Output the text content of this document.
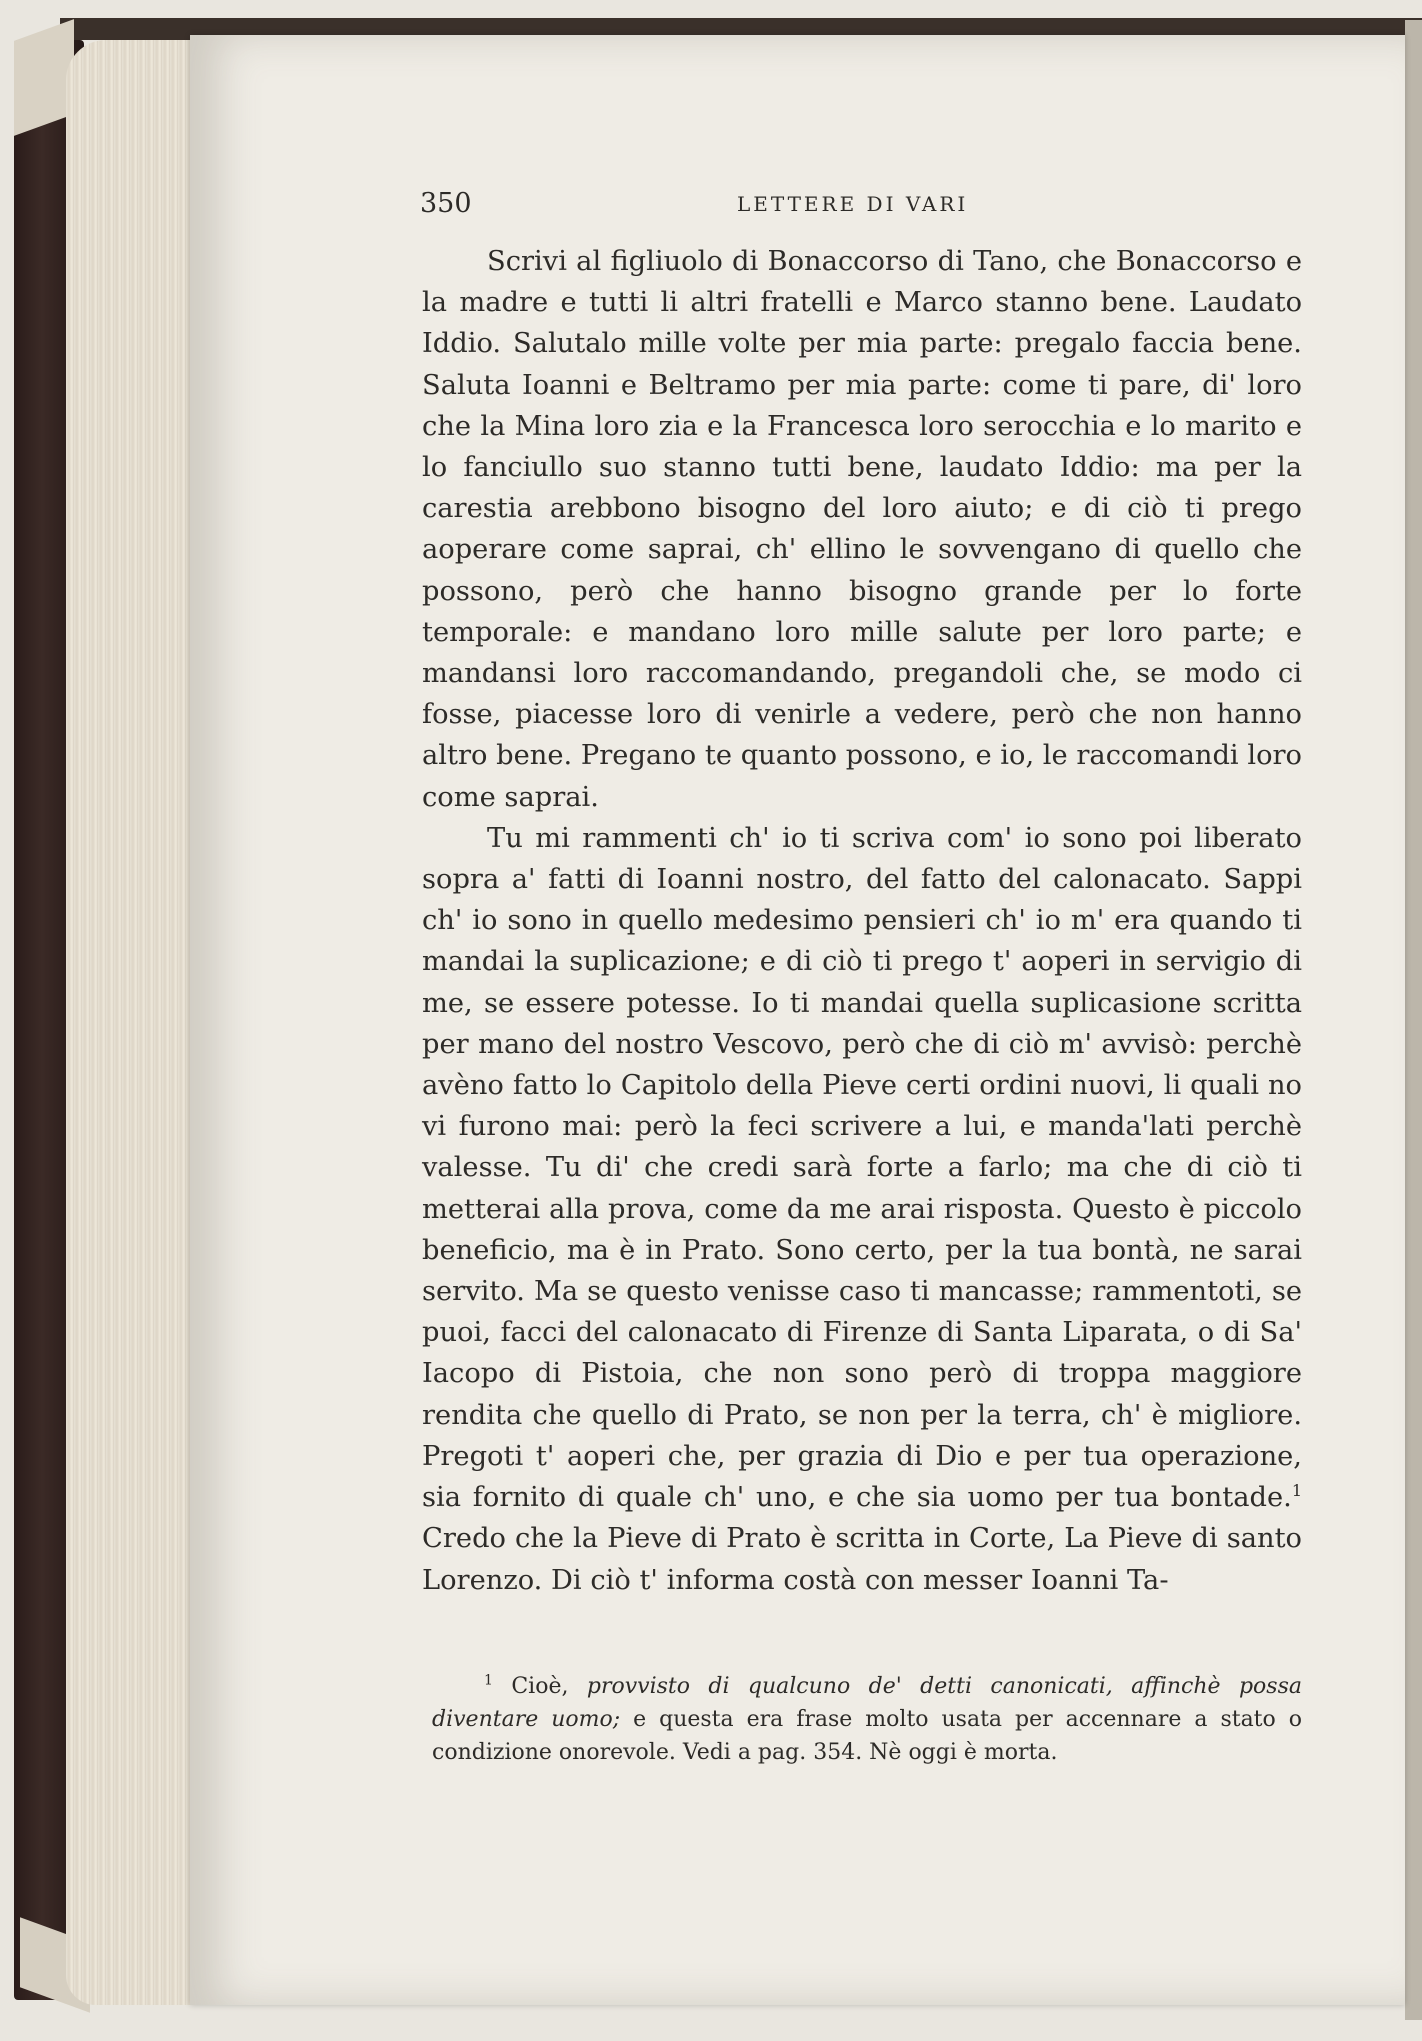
350	LETTERE DI VARI

Scrivi al figliuolo di Bonaccorso di Tano, che Bonaccorso e la madre e tutti li altri fratelli e Marco stanno bene. Laudato Iddio. Salutalo mille volte per mia parte: pregalo faccia bene. Saluta Ioanni e Beltramo per mia parte: come ti pare, di' loro che la Mina loro zia e la Francesca loro serocchia e lo marito e lo fanciullo suo stanno tutti bene, laudato Iddio: ma per la carestia arebbono bisogno del loro aiuto; e di ciò ti prego aoperare come saprai, ch' ellino le sovvengano di quello che possono, però che hanno bisogno grande per lo forte temporale: e mandano loro mille salute per loro parte; e mandansi loro raccomandando, pregandoli che, se modo ci fosse, piacesse loro di venirle a vedere, però che non hanno altro bene. Pregano te quanto possono, e io, le raccomandi loro come saprai.

Tu mi rammenti ch' io ti scriva com' io sono poi liberato sopra a' fatti di Ioanni nostro, del fatto del calonacato. Sappi ch' io sono in quello medesimo pensieri ch' io m' era quando ti mandai la suplicazione; e di ciò ti prego t' aoperi in servigio di me, se essere potesse. Io ti mandai quella suplicasione scritta per mano del nostro Vescovo, però che di ciò m' avvisò: perchè avèno fatto lo Capitolo della Pieve certi ordini nuovi, li quali no vi furono mai: però la feci scrivere a lui, e manda'lati perchè valesse. Tu di' che credi sarà forte a farlo; ma che di ciò ti metterai alla prova, come da me arai risposta. Questo è piccolo beneficio, ma è in Prato. Sono certo, per la tua bontà, ne sarai servito. Ma se questo venisse caso ti mancasse; rammentoti, se puoi, facci del calonacato di Firenze di Santa Liparata, o di Sa' Iacopo di Pistoia, che non sono però di troppa maggiore rendita che quello di Prato, se non per la terra, ch' è migliore. Pregoti t' aoperi che, per grazia di Dio e per tua operazione, sia fornito di quale ch' uno, e che sia uomo per tua bontade.$^1$ Credo che la Pieve di Prato è scritta in Corte, La Pieve di santo Lorenzo. Di ciò t' informa costà con messer Ioanni Ta-

$^1$ Cioè, provvisto di qualcuno de' detti canonicati, affinchè possa diventare uomo; e questa era frase molto usata per accennare a stato o condizione onorevole. Vedi a pag. 354. Nè oggi è morta.
